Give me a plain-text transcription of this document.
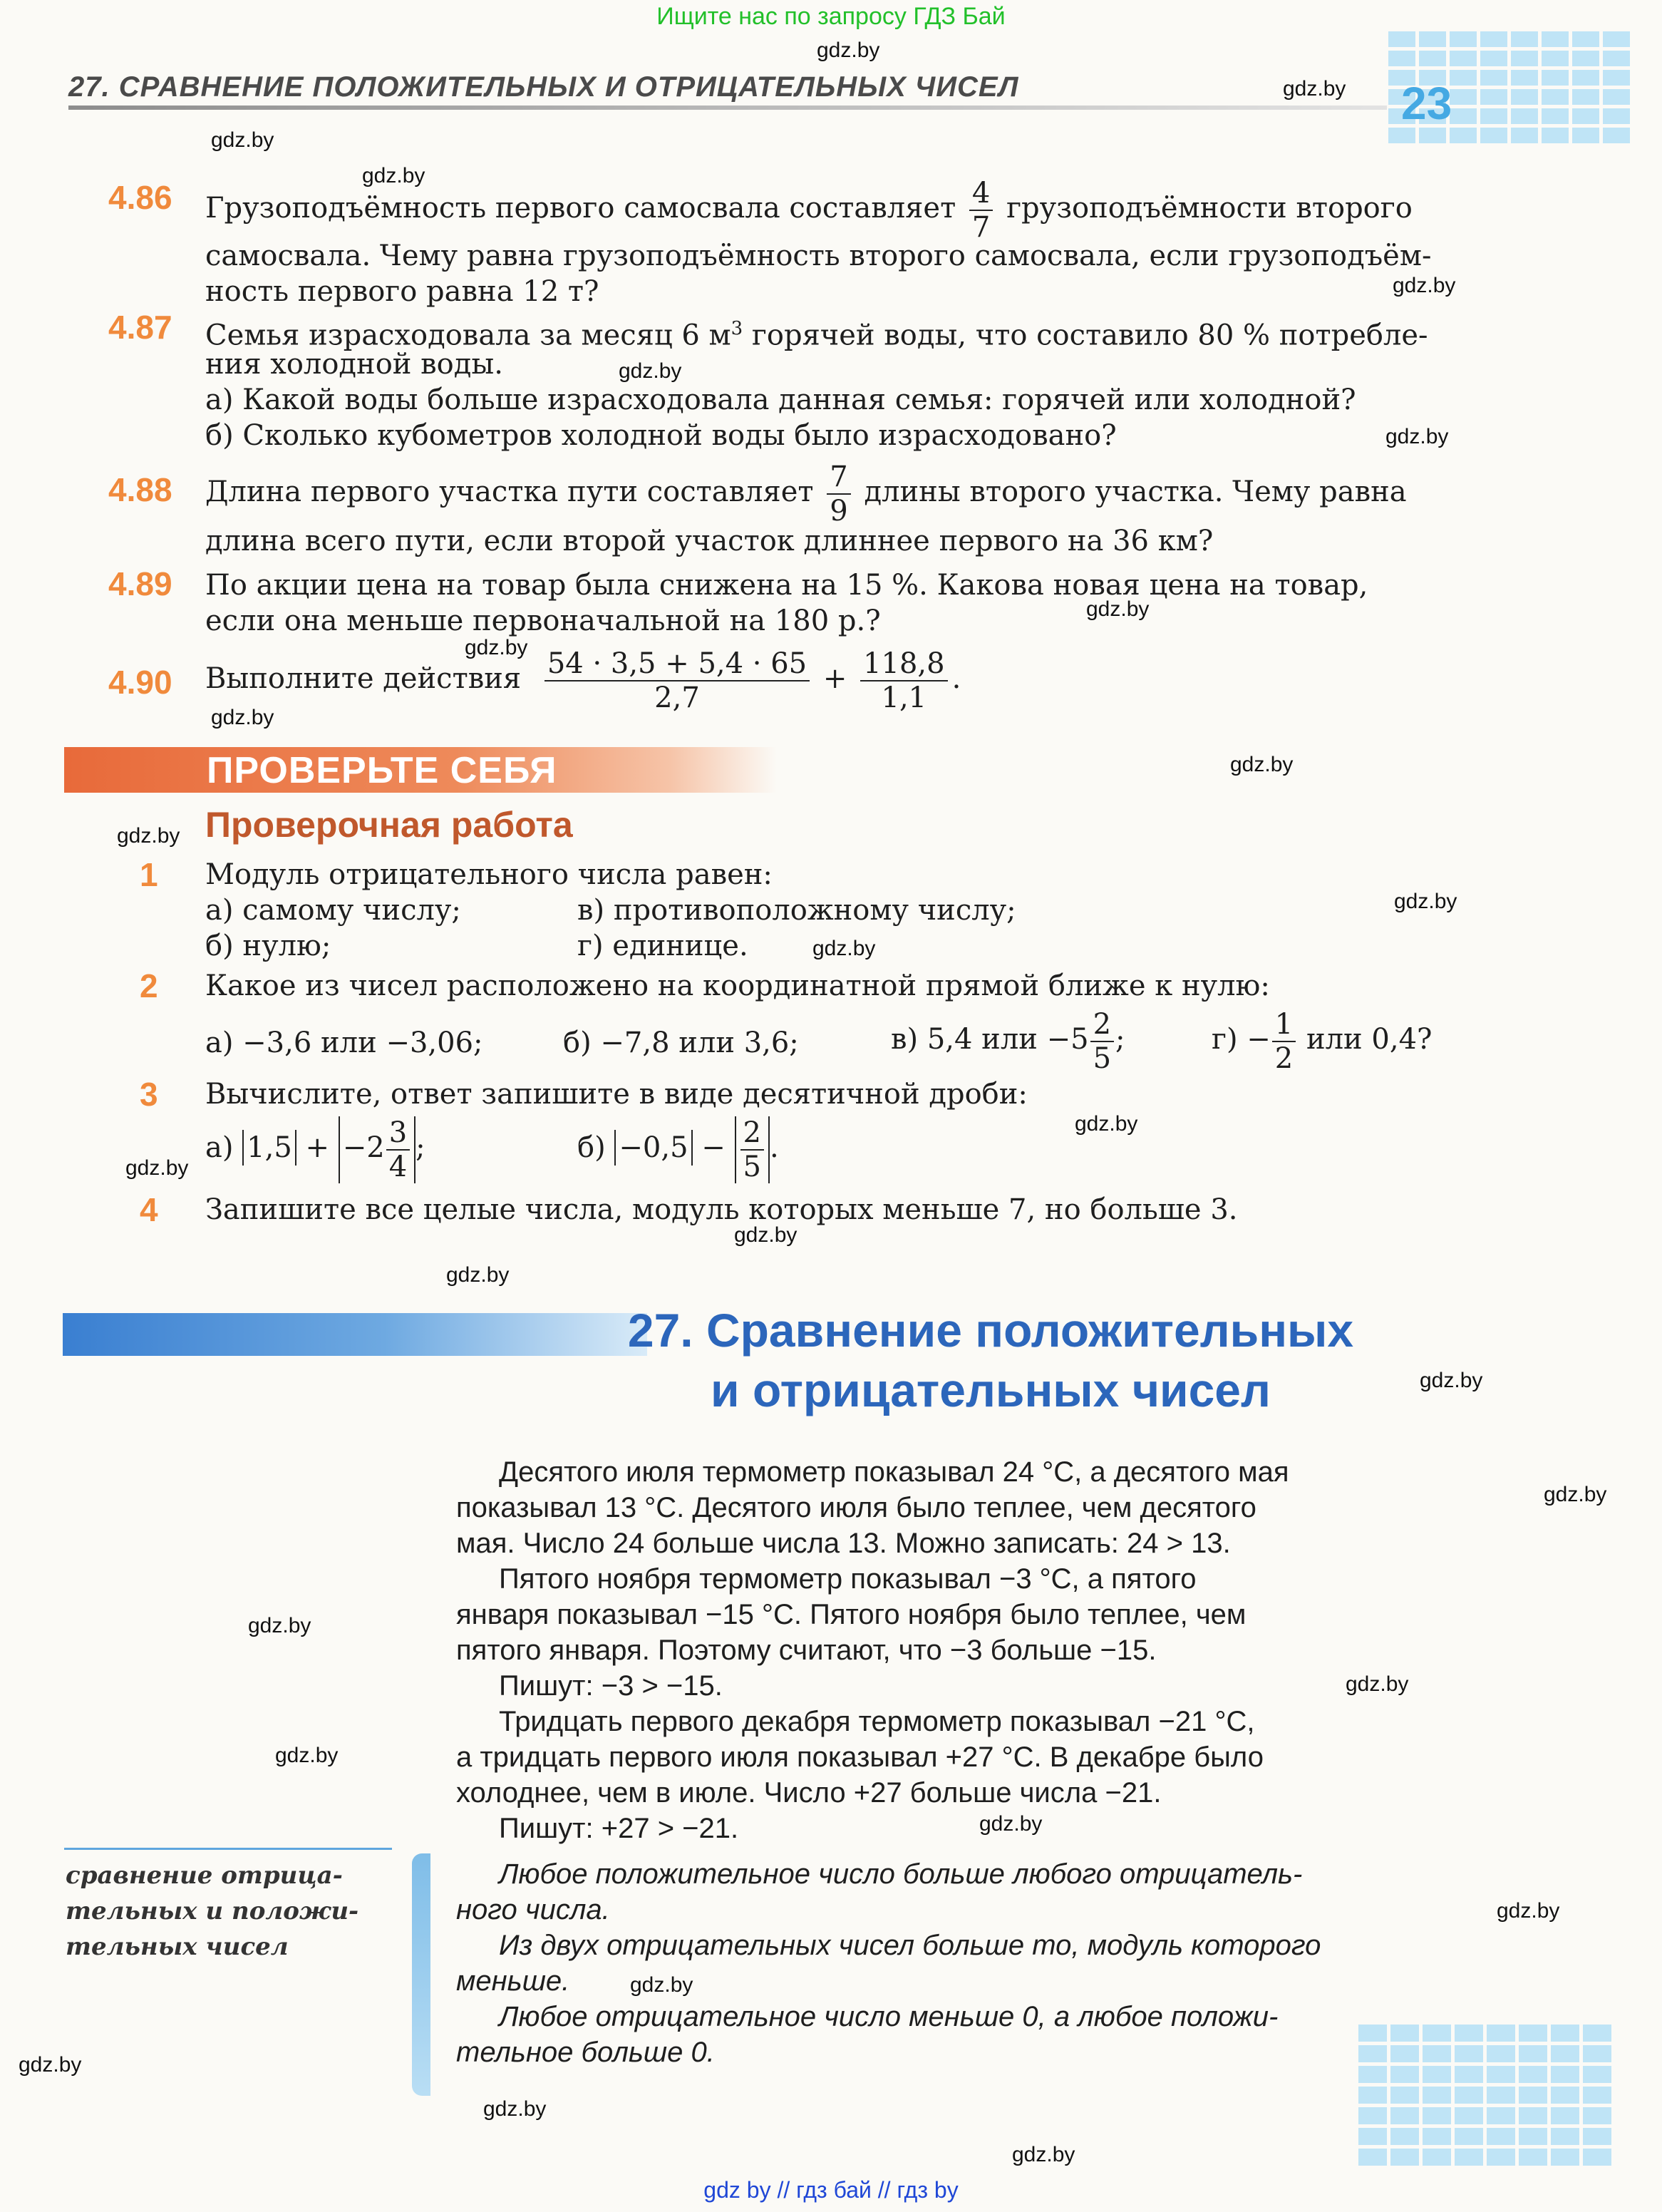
Ищите нас по запросу ГДЗ Бай
27. СРАВНЕНИЕ ПОЛОЖИТЕЛЬНЫХ И ОТРИЦАТЕЛЬНЫХ ЧИСЕЛ	23
4.86 Грузоподъёмность первого самосвала составляет $\frac{4}{7}$ грузоподъёмности второго
самосвала. Чему равна грузоподъёмность второго самосвала, если грузоподъём-
ность первого равна 12 т?
4.87 Семья израсходовала за месяц 6 $м^3$ горячей воды, что составило 80 % потребле-
ния холодной воды.
а) Какой воды больше израсходовала данная семья: горячей или холодной?
б) Сколько кубометров холодной воды было израсходовано?
4.88 Длина первого участка пути составляет $\frac{7}{9}$ длины второго участка. Чему равна
длина всего пути, если второй участок длиннее первого на 36 км?
4.89 По акции цена на товар была снижена на 15 %. Какова новая цена на товар,
если она меньше первоначальной на 180 р.?
4.90 Выполните действия $\frac{54 \cdot 3,5 + 5,4 \cdot 65}{2,7} + \frac{118,8}{1,1}$ .
ПРОВЕРЬТЕ СЕБЯ
Проверочная работа
1 Модуль отрицательного числа равен:
а) самому числу;	в) противоположному числу;
б) нулю;	г) единице.
2 Какое из чисел расположено на координатной прямой ближе к нулю:
а) −3,6 или −3,06;	б) −7,8 или 3,6;	в) 5,4 или $-5 \frac{2}{5}$ ;	$г) - \frac{1}{2}$ или 0,4?
3 Вычислите, ответ запишите в виде десятичной дроби:
а) $1,5 + -2 \frac{3}{4}$ ;	$б) -0,5 - \frac{2}{5}$ .
4 Запишите все целые числа, модуль которых меньше 7, но больше 3.
27. Сравнение положительных
и отрицательных чисел
Десятого июля термометр показывал 24 °С, а десятого мая
показывал 13 °С. Десятого июля было теплее, чем десятого
мая. Число 24 больше числа 13. Можно записать: 24 > 13.
Пятого ноября термометр показывал −3 °С, а пятого
января показывал −15 °С. Пятого ноября было теплее, чем
пятого января. Поэтому считают, что −3 больше −15.
Пишут: −3 > −15.
Тридцать первого декабря термометр показывал −21 °С,
а тридцать первого июля показывал +27 °С. В декабре было
холоднее, чем в июле. Число +27 больше числа −21.
Пишут: +27 > −21.
сравнение отрица-
тельных и положи-
тельных чисел
Любое положительное число больше любого отрицатель-
ного числа.
Из двух отрицательных чисел больше то, модуль которого
меньше.
Любое отрицательное число меньше 0, а любое положи-
тельное больше 0.
gdz.by
gdz.by
gdz.by
gdz.by
gdz.by
gdz.by
gdz.by
gdz.by
gdz.by
gdz.by
gdz.by
gdz.by
gdz.by
gdz.by
gdz.by
gdz.by
gdz.by
gdz.by
gdz.by
gdz.by
gdz.by
gdz.by
gdz.by
gdz.by
gdz.by
gdz.by
gdz.by
gdz.by
gdz.by
gdz by // гдз бай // гдз by
